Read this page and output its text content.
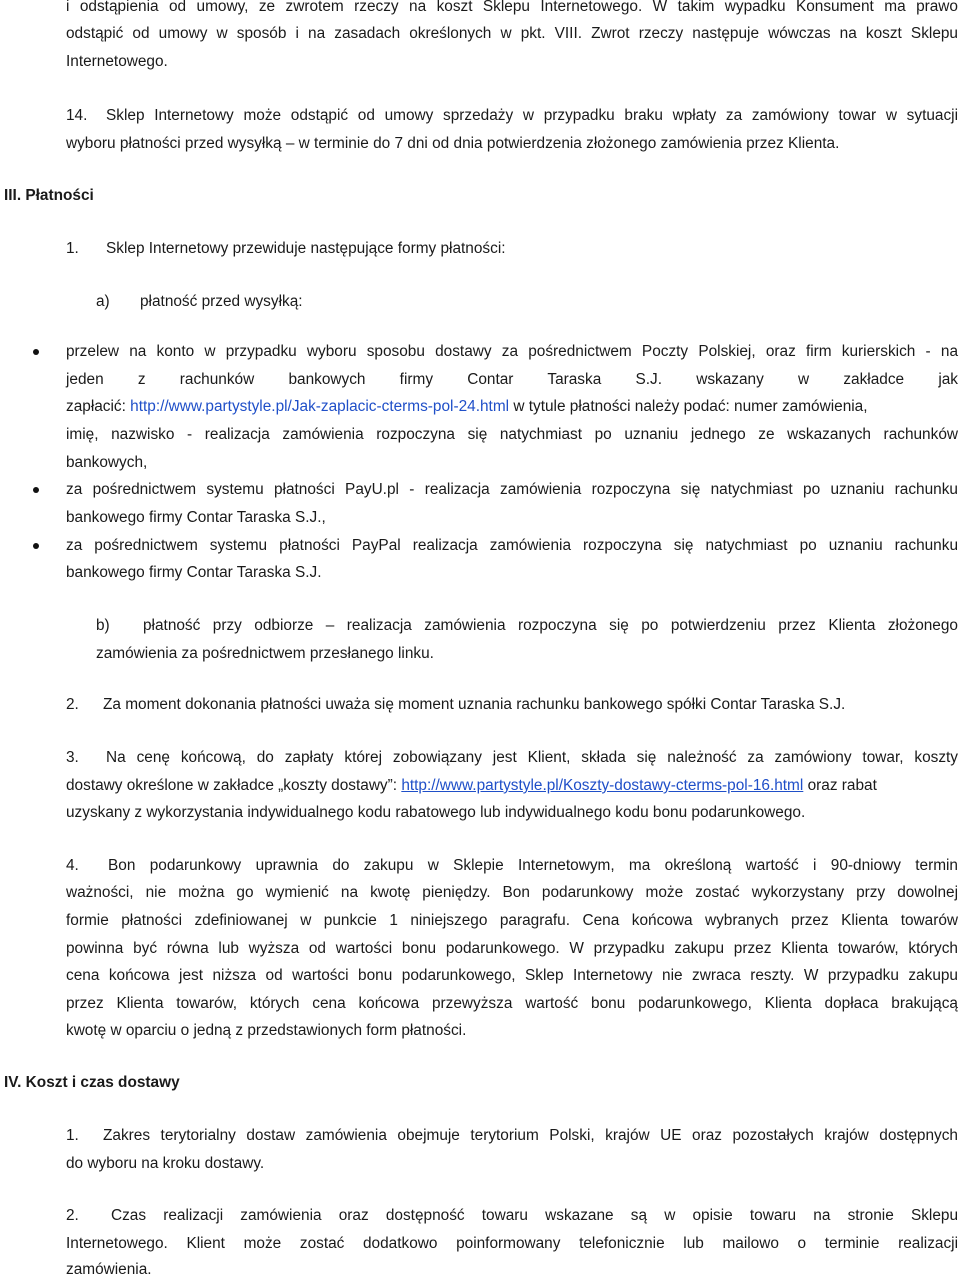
i odstąpienia od umowy, ze zwrotem rzeczy na koszt Sklepu Internetowego. W takim wypadku Konsument ma prawo
odstąpić od umowy w sposób i na zasadach określonych w pkt. VIII. Zwrot rzeczy następuje wówczas na koszt Sklepu
Internetowego.
14. Sklep Internetowy może odstąpić od umowy sprzedaży w przypadku braku wpłaty za zamówiony towar w sytuacji
wyboru płatności przed wysyłką – w terminie do 7 dni od dnia potwierdzenia złożonego zamówienia przez Klienta.
III. Płatności
1. Sklep Internetowy przewiduje następujące formy płatności:
a) płatność przed wysyłką:
przelew na konto w przypadku wyboru sposobu dostawy za pośrednictwem Poczty Polskiej, oraz firm kurierskich - na
jeden z rachunków bankowych firmy Contar Taraska S.J. wskazany w zakładce jak
zapłacić: http://www.partystyle.pl/Jak-zaplacic-cterms-pol-24.html w tytule płatności należy podać: numer zamówienia,
imię, nazwisko - realizacja zamówienia rozpoczyna się natychmiast po uznaniu jednego ze wskazanych rachunków
bankowych,
za pośrednictwem systemu płatności PayU.pl - realizacja zamówienia rozpoczyna się natychmiast po uznaniu rachunku
bankowego firmy Contar Taraska S.J.,
za pośrednictwem systemu płatności PayPal realizacja zamówienia rozpoczyna się natychmiast po uznaniu rachunku
bankowego firmy Contar Taraska S.J.
b) płatność przy odbiorze – realizacja zamówienia rozpoczyna się po potwierdzeniu przez Klienta złożonego
zamówienia za pośrednictwem przesłanego linku.
2. Za moment dokonania płatności uważa się moment uznania rachunku bankowego spółki Contar Taraska S.J.
3. Na cenę końcową, do zapłaty której zobowiązany jest Klient, składa się należność za zamówiony towar, koszty
dostawy określone w zakładce „koszty dostawy”: http://www.partystyle.pl/Koszty-dostawy-cterms-pol-16.html oraz rabat
uzyskany z wykorzystania indywidualnego kodu rabatowego lub indywidualnego kodu bonu podarunkowego.
4. Bon podarunkowy uprawnia do zakupu w Sklepie Internetowym, ma określoną wartość i 90-dniowy termin
ważności, nie można go wymienić na kwotę pieniędzy. Bon podarunkowy może zostać wykorzystany przy dowolnej
formie płatności zdefiniowanej w punkcie 1 niniejszego paragrafu. Cena końcowa wybranych przez Klienta towarów
powinna być równa lub wyższa od wartości bonu podarunkowego. W przypadku zakupu przez Klienta towarów, których
cena końcowa jest niższa od wartości bonu podarunkowego, Sklep Internetowy nie zwraca reszty. W przypadku zakupu
przez Klienta towarów, których cena końcowa przewyższa wartość bonu podarunkowego, Klienta dopłaca brakującą
kwotę w oparciu o jedną z przedstawionych form płatności.
IV. Koszt i czas dostawy
1. Zakres terytorialny dostaw zamówienia obejmuje terytorium Polski, krajów UE oraz pozostałych krajów dostępnych
do wyboru na kroku dostawy.
2. Czas realizacji zamówienia oraz dostępność towaru wskazane są w opisie towaru na stronie Sklepu
Internetowego. Klient może zostać dodatkowo poinformowany telefonicznie lub mailowo o terminie realizacji
zamówienia.
